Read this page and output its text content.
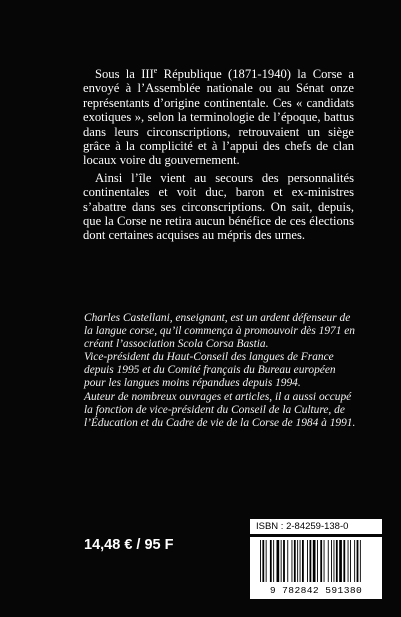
Sous la IIIe République (1871-1940) la Corse a envoyé à l’Assemblée nationale ou au Sénat onze représentants d’origine continentale. Ces « candidats exotiques », selon la terminologie de l’époque, battus dans leurs circonscriptions, retrouvaient un siège grâce à la complicité et à l’appui des chefs de clan locaux voire du gouvernement.

Ainsi l’île vient au secours des personnalités continentales et voit duc, baron et ex-ministres s’abattre dans ses circonscriptions. On sait, depuis, que la Corse ne retira aucun bénéfice de ces élections dont certaines acquises au mépris des urnes.

Charles Castellani, enseignant, est un ardent défenseur de la langue corse, qu’il commença à promouvoir dès 1971 en créant l’association Scola Corsa Bastia.

Vice-président du Haut-Conseil des langues de France depuis 1995 et du Comité français du Bureau européen pour les langues moins répandues depuis 1994.

Auteur de nombreux ouvrages et articles, il a aussi occupé la fonction de vice-président du Conseil de la Culture, de l’Éducation et du Cadre de vie de la Corse de 1984 à 1991.

14,48 € / 95 F
ISBN : 2-84259-138-0
9 782842 591380
